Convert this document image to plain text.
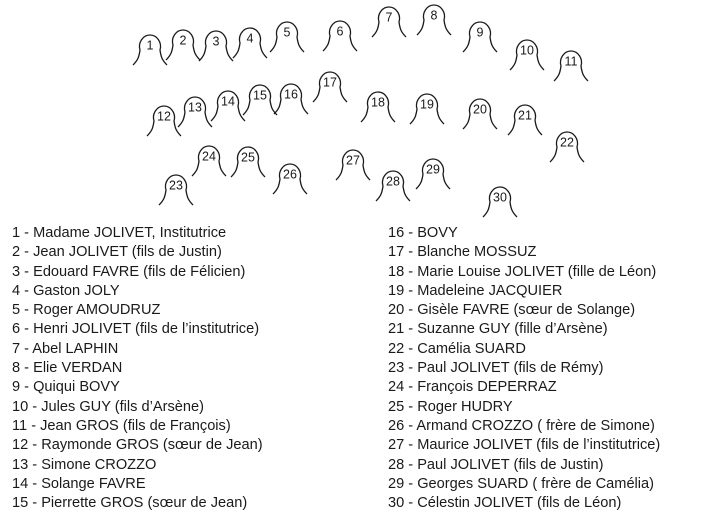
1 2 3 4 5	6
7	8
9
10
11
12
13 14 15 16
17
18	19	20 21
22
23
24 25
26
27
28
29
30
1 - Madame JOLIVET, Institutrice
2 - Jean JOLIVET (fils de Justin)
3 - Edouard FAVRE (fils de Félicien)
4 - Gaston JOLY
5 - Roger AMOUDRUZ
6 - Henri JOLIVET (fils de l’institutrice)
7 - Abel LAPHIN
8 - Elie VERDAN
9 - Quiqui BOVY
10 - Jules GUY (fils d’Arsène)
11 - Jean GROS (fils de François)
12 - Raymonde GROS (sœur de Jean)
13 - Simone CROZZO
14 - Solange FAVRE
15 - Pierrette GROS (sœur de Jean)
16 - BOVY
17 - Blanche MOSSUZ
18 - Marie Louise JOLIVET (fille de Léon)
19 - Madeleine JACQUIER
20 - Gisèle FAVRE (sœur de Solange)
21 - Suzanne GUY (fille d’Arsène)
22 - Camélia SUARD
23 - Paul JOLIVET (fils de Rémy)
24 - François DEPERRAZ
25 - Roger HUDRY
26 - Armand CROZZO ( frère de Simone)
27 - Maurice JOLIVET (fils de l’institutrice)
28 - Paul JOLIVET (fils de Justin)
29 - Georges SUARD ( frère de Camélia)
30 - Célestin JOLIVET (fils de Léon)
